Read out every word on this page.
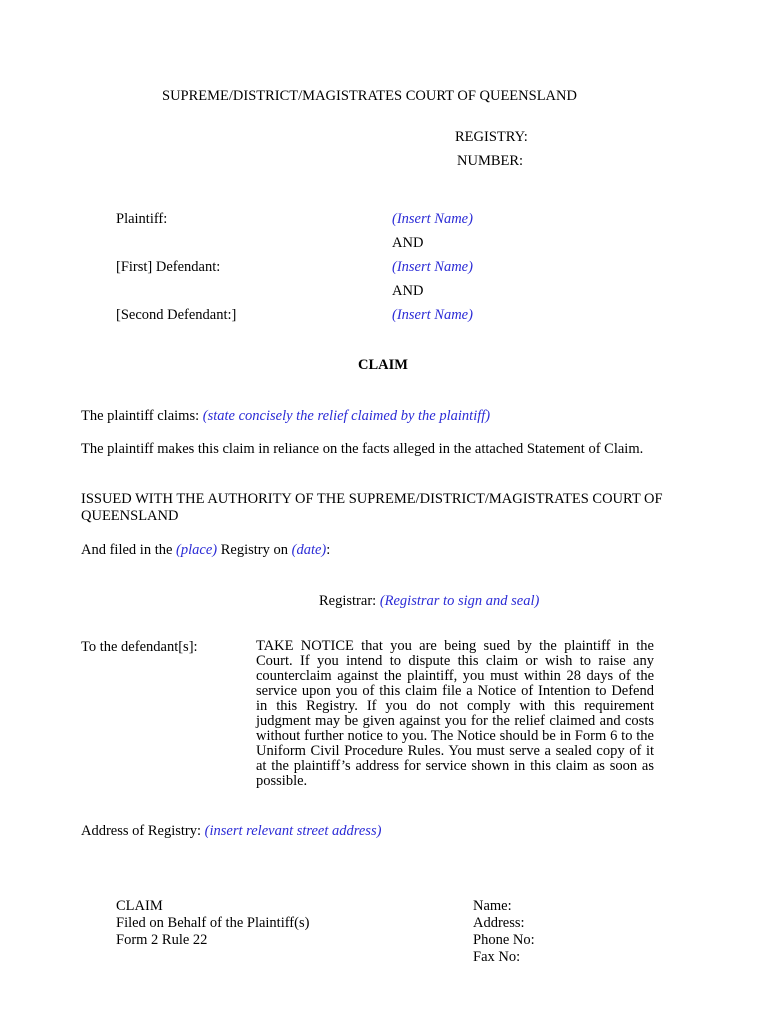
SUPREME/DISTRICT/MAGISTRATES COURT OF QUEENSLAND
REGISTRY:
NUMBER:
Plaintiff:	(Insert Name)
AND
[First] Defendant:	(Insert Name)
AND
[Second Defendant:]	(Insert Name)
CLAIM
The plaintiff claims: (state concisely the relief claimed by the plaintiff)
The plaintiff makes this claim in reliance on the facts alleged in the attached Statement of Claim.
ISSUED WITH THE AUTHORITY OF THE SUPREME/DISTRICT/MAGISTRATES COURT OF QUEENSLAND
And filed in the (place) Registry on (date):
Registrar: (Registrar to sign and seal)
To the defendant[s]:	TAKE NOTICE that you are being sued by the plaintiff in the Court. If you intend to dispute this claim or wish to raise any counterclaim against the plaintiff, you must within 28 days of the service upon you of this claim file a Notice of Intention to Defend in this Registry. If you do not comply with this requirement judgment may be given against you for the relief claimed and costs without further notice to you. The Notice should be in Form 6 to the Uniform Civil Procedure Rules. You must serve a sealed copy of it at the plaintiff’s address for service shown in this claim as soon as possible.
Address of Registry: (insert relevant street address)
CLAIM
Filed on Behalf of the Plaintiff(s)
Form 2 Rule 22
Name:
Address:
Phone No:
Fax No:
